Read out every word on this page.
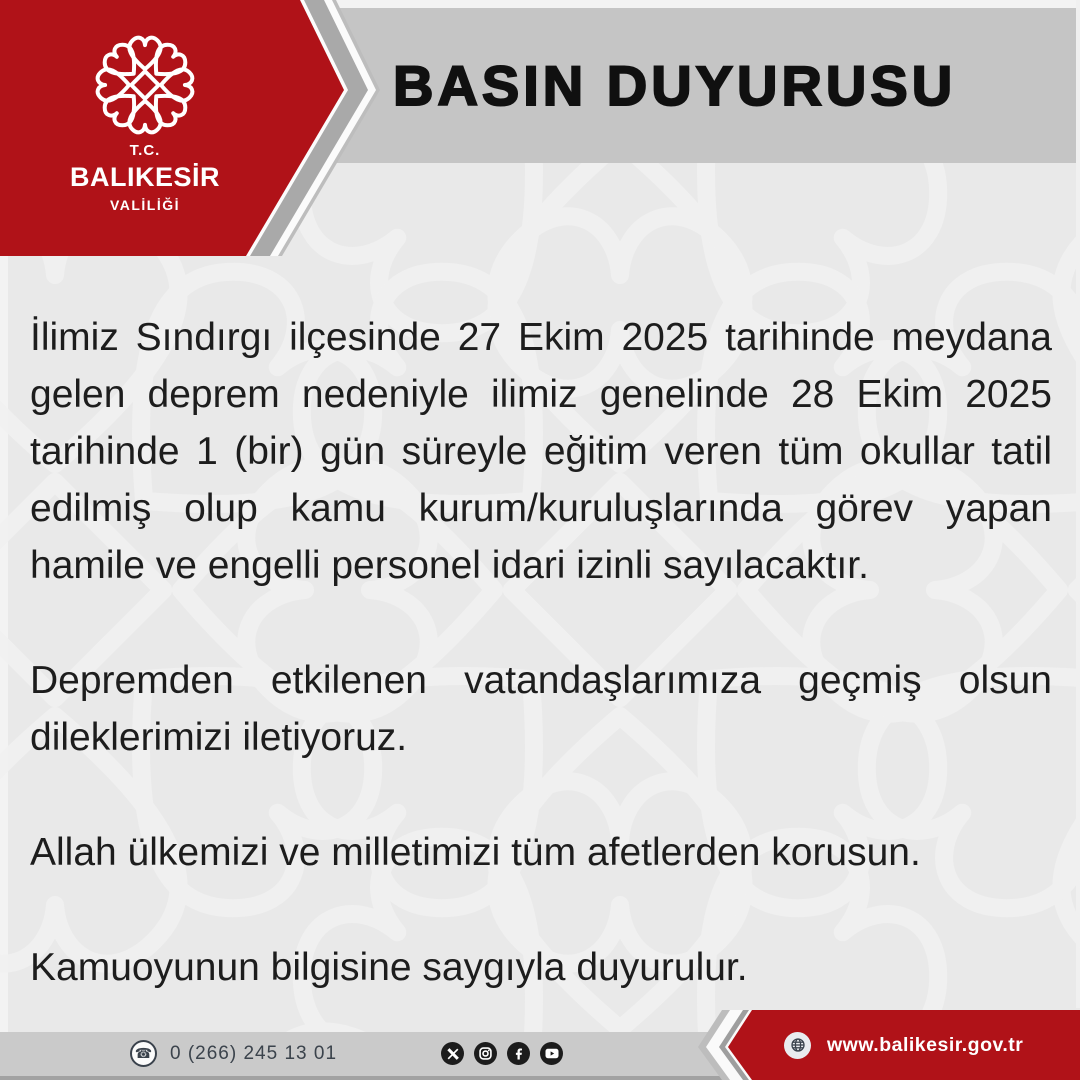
BASIN DUYURUSU
T.C.
BALIKESİR
VALİLİĞİ

İlimiz Sındırgı ilçesinde 27 Ekim 2025 tarihinde meydana gelen deprem nedeniyle ilimiz genelinde 28 Ekim 2025 tarihinde 1 (bir) gün süreyle eğitim veren tüm okullar tatil edilmiş olup kamu kurum/kuruluşlarında görev yapan hamile ve engelli personel idari izinli sayılacaktır.

Depremden etkilenen vatandaşlarımıza geçmiş olsun dileklerimizi iletiyoruz.

Allah ülkemizi ve milletimizi tüm afetlerden korusun.

Kamuoyunun bilgisine saygıyla duyurulur.

☎ 0 (266) 245 13 01	www.balikesir.gov.tr
